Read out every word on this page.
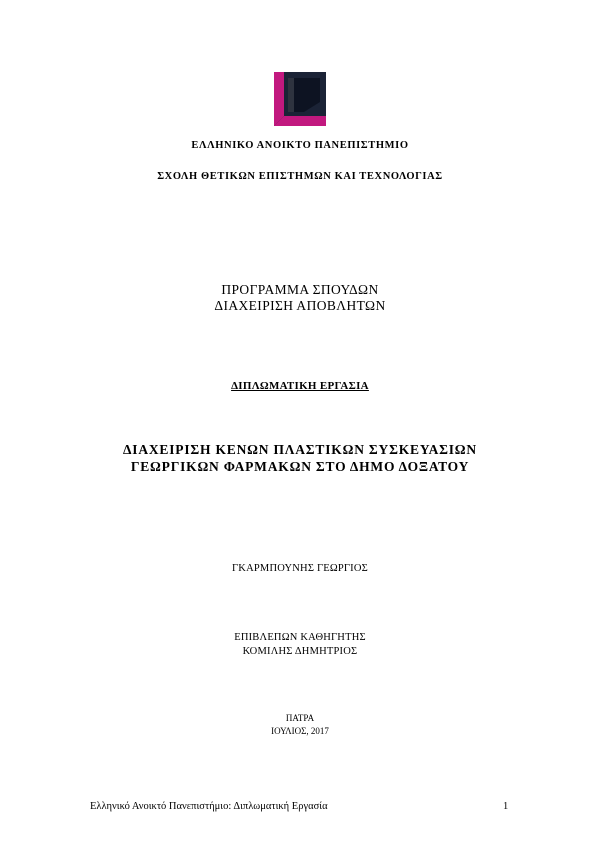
ΕΛΛΗΝΙΚΟ ΑΝΟΙΚΤΟ ΠΑΝΕΠΙΣΤΗΜΙΟ
ΣΧΟΛΗ ΘΕΤΙΚΩΝ ΕΠΙΣΤΗΜΩΝ ΚΑΙ ΤΕΧΝΟΛΟΓΙΑΣ
ΠΡΟΓΡΑΜΜΑ ΣΠΟΥΔΩΝ
ΔΙΑΧΕΙΡΙΣΗ ΑΠΟΒΛΗΤΩΝ
ΔΙΠΛΩΜΑΤΙΚΗ ΕΡΓΑΣΙΑ
ΔΙΑΧΕΙΡΙΣΗ ΚΕΝΩΝ ΠΛΑΣΤΙΚΩΝ ΣΥΣΚΕΥΑΣΙΩΝ
ΓΕΩΡΓΙΚΩΝ ΦΑΡΜΑΚΩΝ ΣΤΟ ΔΗΜΟ ΔΟΞΑΤΟΥ
ΓΚΑΡΜΠΟΥΝΗΣ ΓΕΩΡΓΙΟΣ
ΕΠΙΒΛΕΠΩΝ ΚΑΘΗΓΗΤΗΣ
ΚΟΜΙΛΗΣ ΔΗΜΗΤΡΙΟΣ
ΠΑΤΡΑ
ΙΟΥΛΙΟΣ, 2017
Ελληνικό Ανοικτό Πανεπιστήμιο: Διπλωματική Εργασία	1
